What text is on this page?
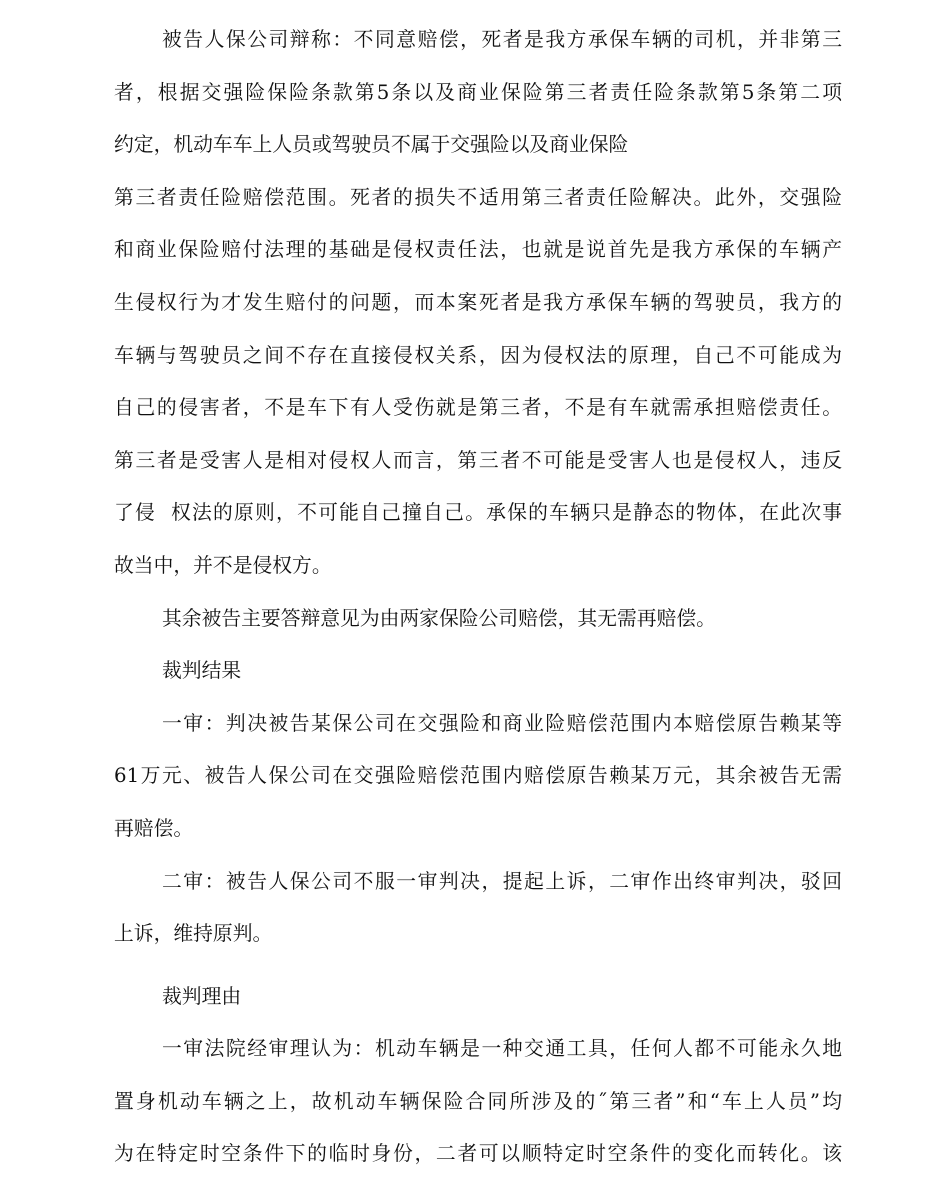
被告人保公司辩称：不同意赔偿，死者是我方承保车辆的司机，并非第三
者，根据交强险保险条款第5条以及商业保险第三者责任险条款第5条第二项
约定，机动车车上人员或驾驶员不属于交强险以及商业保险
第三者责任险赔偿范围。死者的损失不适用第三者责任险解决。此外，交强险
和商业保险赔付法理的基础是侵权责任法，也就是说首先是我方承保的车辆产
生侵权行为才发生赔付的问题，而本案死者是我方承保车辆的驾驶员，我方的
车辆与驾驶员之间不存在直接侵权关系，因为侵权法的原理，自己不可能成为
自己的侵害者，不是车下有人受伤就是第三者，不是有车就需承担赔偿责任。
第三者是受害人是相对侵权人而言，第三者不可能是受害人也是侵权人，违反
了侵  权法的原则，不可能自己撞自己。承保的车辆只是静态的物体，在此次事
故当中，并不是侵权方。
其余被告主要答辩意见为由两家保险公司赔偿，其无需再赔偿。
裁判结果
一审：判决被告某保公司在交强险和商业险赔偿范围内本赔偿原告赖某等
61万元、被告人保公司在交强险赔偿范围内赔偿原告赖某万元，其余被告无需
再赔偿。
二审：被告人保公司不服一审判决，提起上诉，二审作出终审判决，驳回
上诉，维持原判。
裁判理由
一审法院经审理认为：机动车辆是一种交通工具，任何人都不可能永久地
置身机动车辆之上，故机动车辆保险合同所涉及的˝第三者”和“车上人员”均
为在特定时空条件下的临时身份，二者可以顺特定时空条件的变化而转化。该
